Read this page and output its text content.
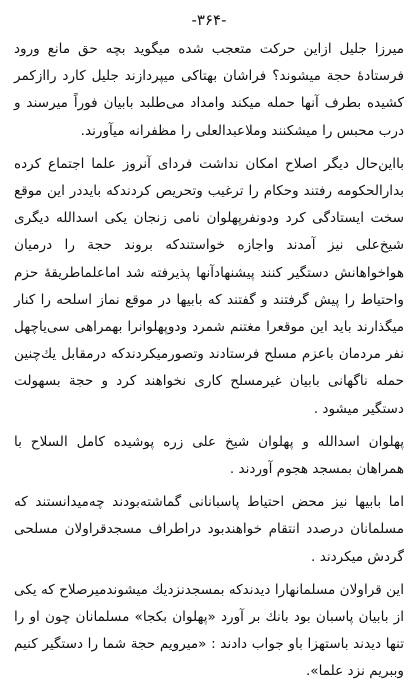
-۳۶۴-

میرزا جلیل ازاین حرکت متعجب شده میگوید بچه حق مانع ورود فرستادهٔ حجة میشوند؟ فراشان بهتاکی میپردازند جلیل کارد راازکمر کشیده بطرف آنها حمله میکند وامداد می‌طلبد بابیان فوراً میرسند و درب محبس را میشکنند وملاعبدالعلی را مظفرانه میآورند.

بااین‌حال دیگر اصلاح امکان نداشت فردای آنروز علما اجتماع کرده بدارالحکومه رفتند وحکام را ترغیب وتحریص کردندکه بایددر این موقع سخت ایستادگی کرد ودونفرپهلوان نامی زنجان یکی اسدالله دیگری شیخ‌علی نیز آمدند واجازه خواستندکه بروند حجة را درمیان هواخواهانش دستگیر کنند پیشنهادآنها پذیرفته شد اماعلماطریقهٔ حزم واحتیاط را پیش گرفتند و گفتند که بابیها در موقع نماز اسلحه را کنار میگذارند باید این موقعرا مغتنم شمرد ودوپهلوانرا بهمراهی سی‌یاچهل نفر مردمان باعزم مسلح فرستادند وتصورمیکردندکه درمقابل یك‌چنین حمله ناگهانی بابیان غیرمسلح کاری نخواهند کرد و حجة بسهولت دستگیر میشود .

پهلوان اسدالله و پهلوان شیخ علی زره پوشیده کامل السلاح با همراهان بمسجد هجوم آوردند .

اما بابیها نیز محض احتیاط پاسبانانی گماشته‌بودند چه‌میدانستند که مسلمانان درصدد انتقام خواهندبود دراطراف مسجدقراولان مسلحی گردش میکردند .

این قراولان مسلمانهارا دیدندکه بمسجدنزدیك میشوندمیرصلاح که یکی از بابیان پاسبان بود بانك بر آورد «پهلوان بکجا» مسلمانان چون او را تنها دیدند باستهزا باو جواب دادند : «میرویم حجة شما را دستگیر کنیم وببریم نزد علما».
